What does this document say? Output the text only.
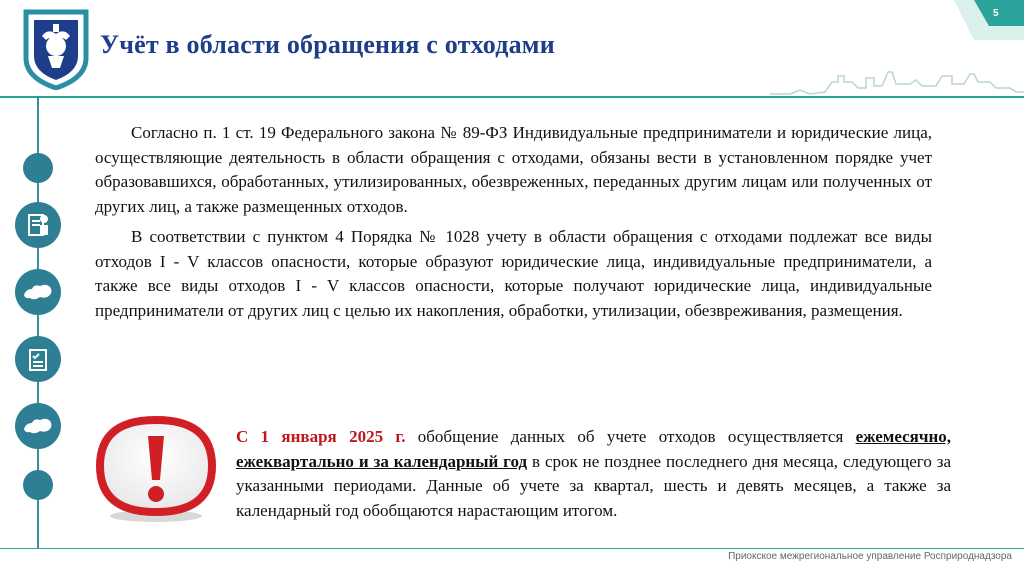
5
Учёт в области обращения с отходами

Согласно п. 1 ст. 19 Федерального закона № 89-ФЗ Индивидуальные предприниматели и юридические лица, осуществляющие деятельность в области обращения с отходами, обязаны вести в установленном порядке учет образовавшихся, обработанных, утилизированных, обезвреженных, переданных другим лицам или полученных от других лиц, а также размещенных отходов.

В соответствии с пунктом 4 Порядка № 1028 учету в области обращения с отходами подлежат все виды отходов I - V классов опасности, которые образуют юридические лица, индивидуальные предприниматели, а также все виды отходов I - V классов опасности, которые получают юридические лица, индивидуальные предприниматели от других лиц с целью их накопления, обработки, утилизации, обезвреживания, размещения.

С 1 января 2025 г. обобщение данных об учете отходов осуществляется ежемесячно, ежеквартально и за календарный год в срок не позднее последнего дня месяца, следующего за указанными периодами. Данные об учете за квартал, шесть и девять месяцев, а также за календарный год обобщаются нарастающим итогом.
Приокское межрегиональное управление Росприроднадзора
